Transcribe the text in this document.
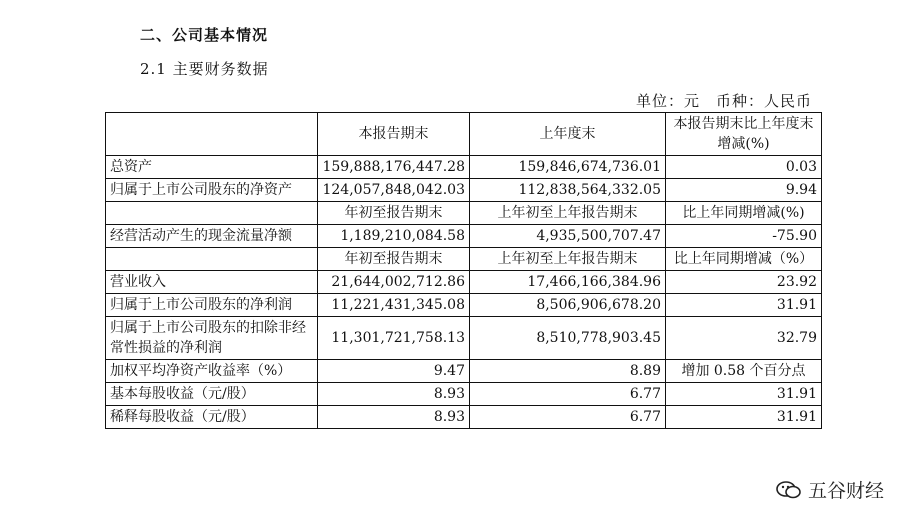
二、公司基本情况
2.1 主要财务数据
单位：元　币种：人民币
	本报告期末	上年度末	本报告期末比上年度末增减(%)
总资产	159,888,176,447.28	159,846,674,736.01	0.03
归属于上市公司股东的净资产	124,057,848,042.03	112,838,564,332.05	9.94
	年初至报告期末	上年初至上年报告期末	比上年同期增减(%)
经营活动产生的现金流量净额	1,189,210,084.58	4,935,500,707.47	-75.90
	年初至报告期末	上年初至上年报告期末	比上年同期增减（%）
营业收入	21,644,002,712.86	17,466,166,384.96	23.92
归属于上市公司股东的净利润	11,221,431,345.08	8,506,906,678.20	31.91
归属于上市公司股东的扣除非经常性损益的净利润	11,301,721,758.13	8,510,778,903.45	32.79
加权平均净资产收益率（%）	9.47	8.89	增加 0.58 个百分点
基本每股收益（元/股）	8.93	6.77	31.91
稀释每股收益（元/股）	8.93	6.77	31.91
五谷财经
